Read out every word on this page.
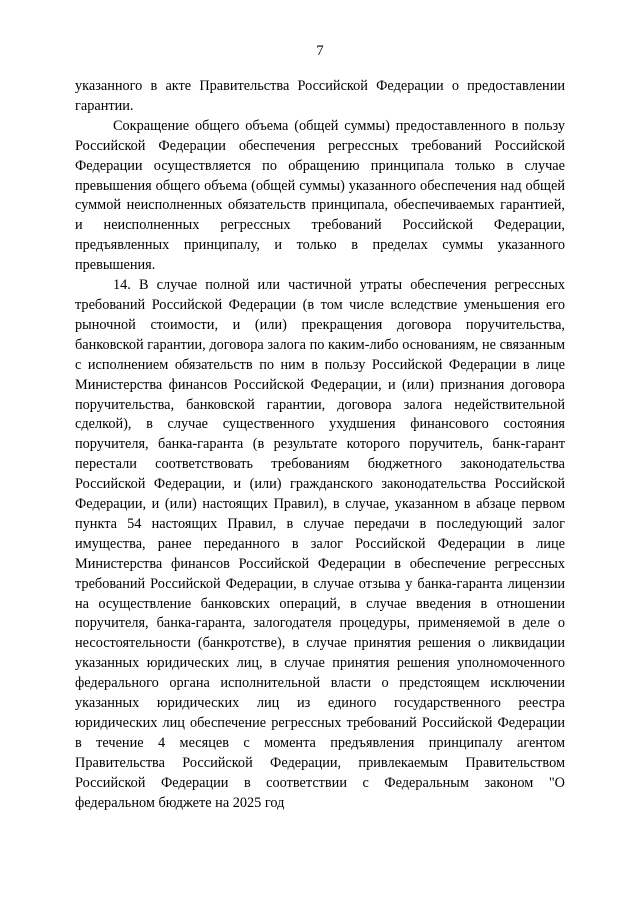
7

указанного в акте Правительства Российской Федерации о предоставлении гарантии.

Сокращение общего объема (общей суммы) предоставленного в пользу Российской Федерации обеспечения регрессных требований Российской Федерации осуществляется по обращению принципала только в случае превышения общего объема (общей суммы) указанного обеспечения над общей суммой неисполненных обязательств принципала, обеспечиваемых гарантией, и неисполненных регрессных требований Российской Федерации, предъявленных принципалу, и только в пределах суммы указанного превышения.

14. В случае полной или частичной утраты обеспечения регрессных требований Российской Федерации (в том числе вследствие уменьшения его рыночной стоимости, и (или) прекращения договора поручительства, банковской гарантии, договора залога по каким-либо основаниям, не связанным с исполнением обязательств по ним в пользу Российской Федерации в лице Министерства финансов Российской Федерации, и (или) признания договора поручительства, банковской гарантии, договора залога недействительной сделкой), в случае существенного ухудшения финансового состояния поручителя, банка-гаранта (в результате которого поручитель, банк-гарант перестали соответствовать требованиям бюджетного законодательства Российской Федерации, и (или) гражданского законодательства Российской Федерации, и (или) настоящих Правил), в случае, указанном в абзаце первом пункта 54 настоящих Правил, в случае передачи в последующий залог имущества, ранее переданного в залог Российской Федерации в лице Министерства финансов Российской Федерации в обеспечение регрессных требований Российской Федерации, в случае отзыва у банка-гаранта лицензии на осуществление банковских операций, в случае введения в отношении поручителя, банка-гаранта, залогодателя процедуры, применяемой в деле о несостоятельности (банкротстве), в случае принятия решения о ликвидации указанных юридических лиц, в случае принятия решения уполномоченного федерального органа исполнительной власти о предстоящем исключении указанных юридических лиц из единого государственного реестра юридических лиц обеспечение регрессных требований Российской Федерации в течение 4 месяцев с момента предъявления принципалу агентом Правительства Российской Федерации, привлекаемым Правительством Российской Федерации в соответствии с Федеральным законом "О федеральном бюджете на 2025 год
